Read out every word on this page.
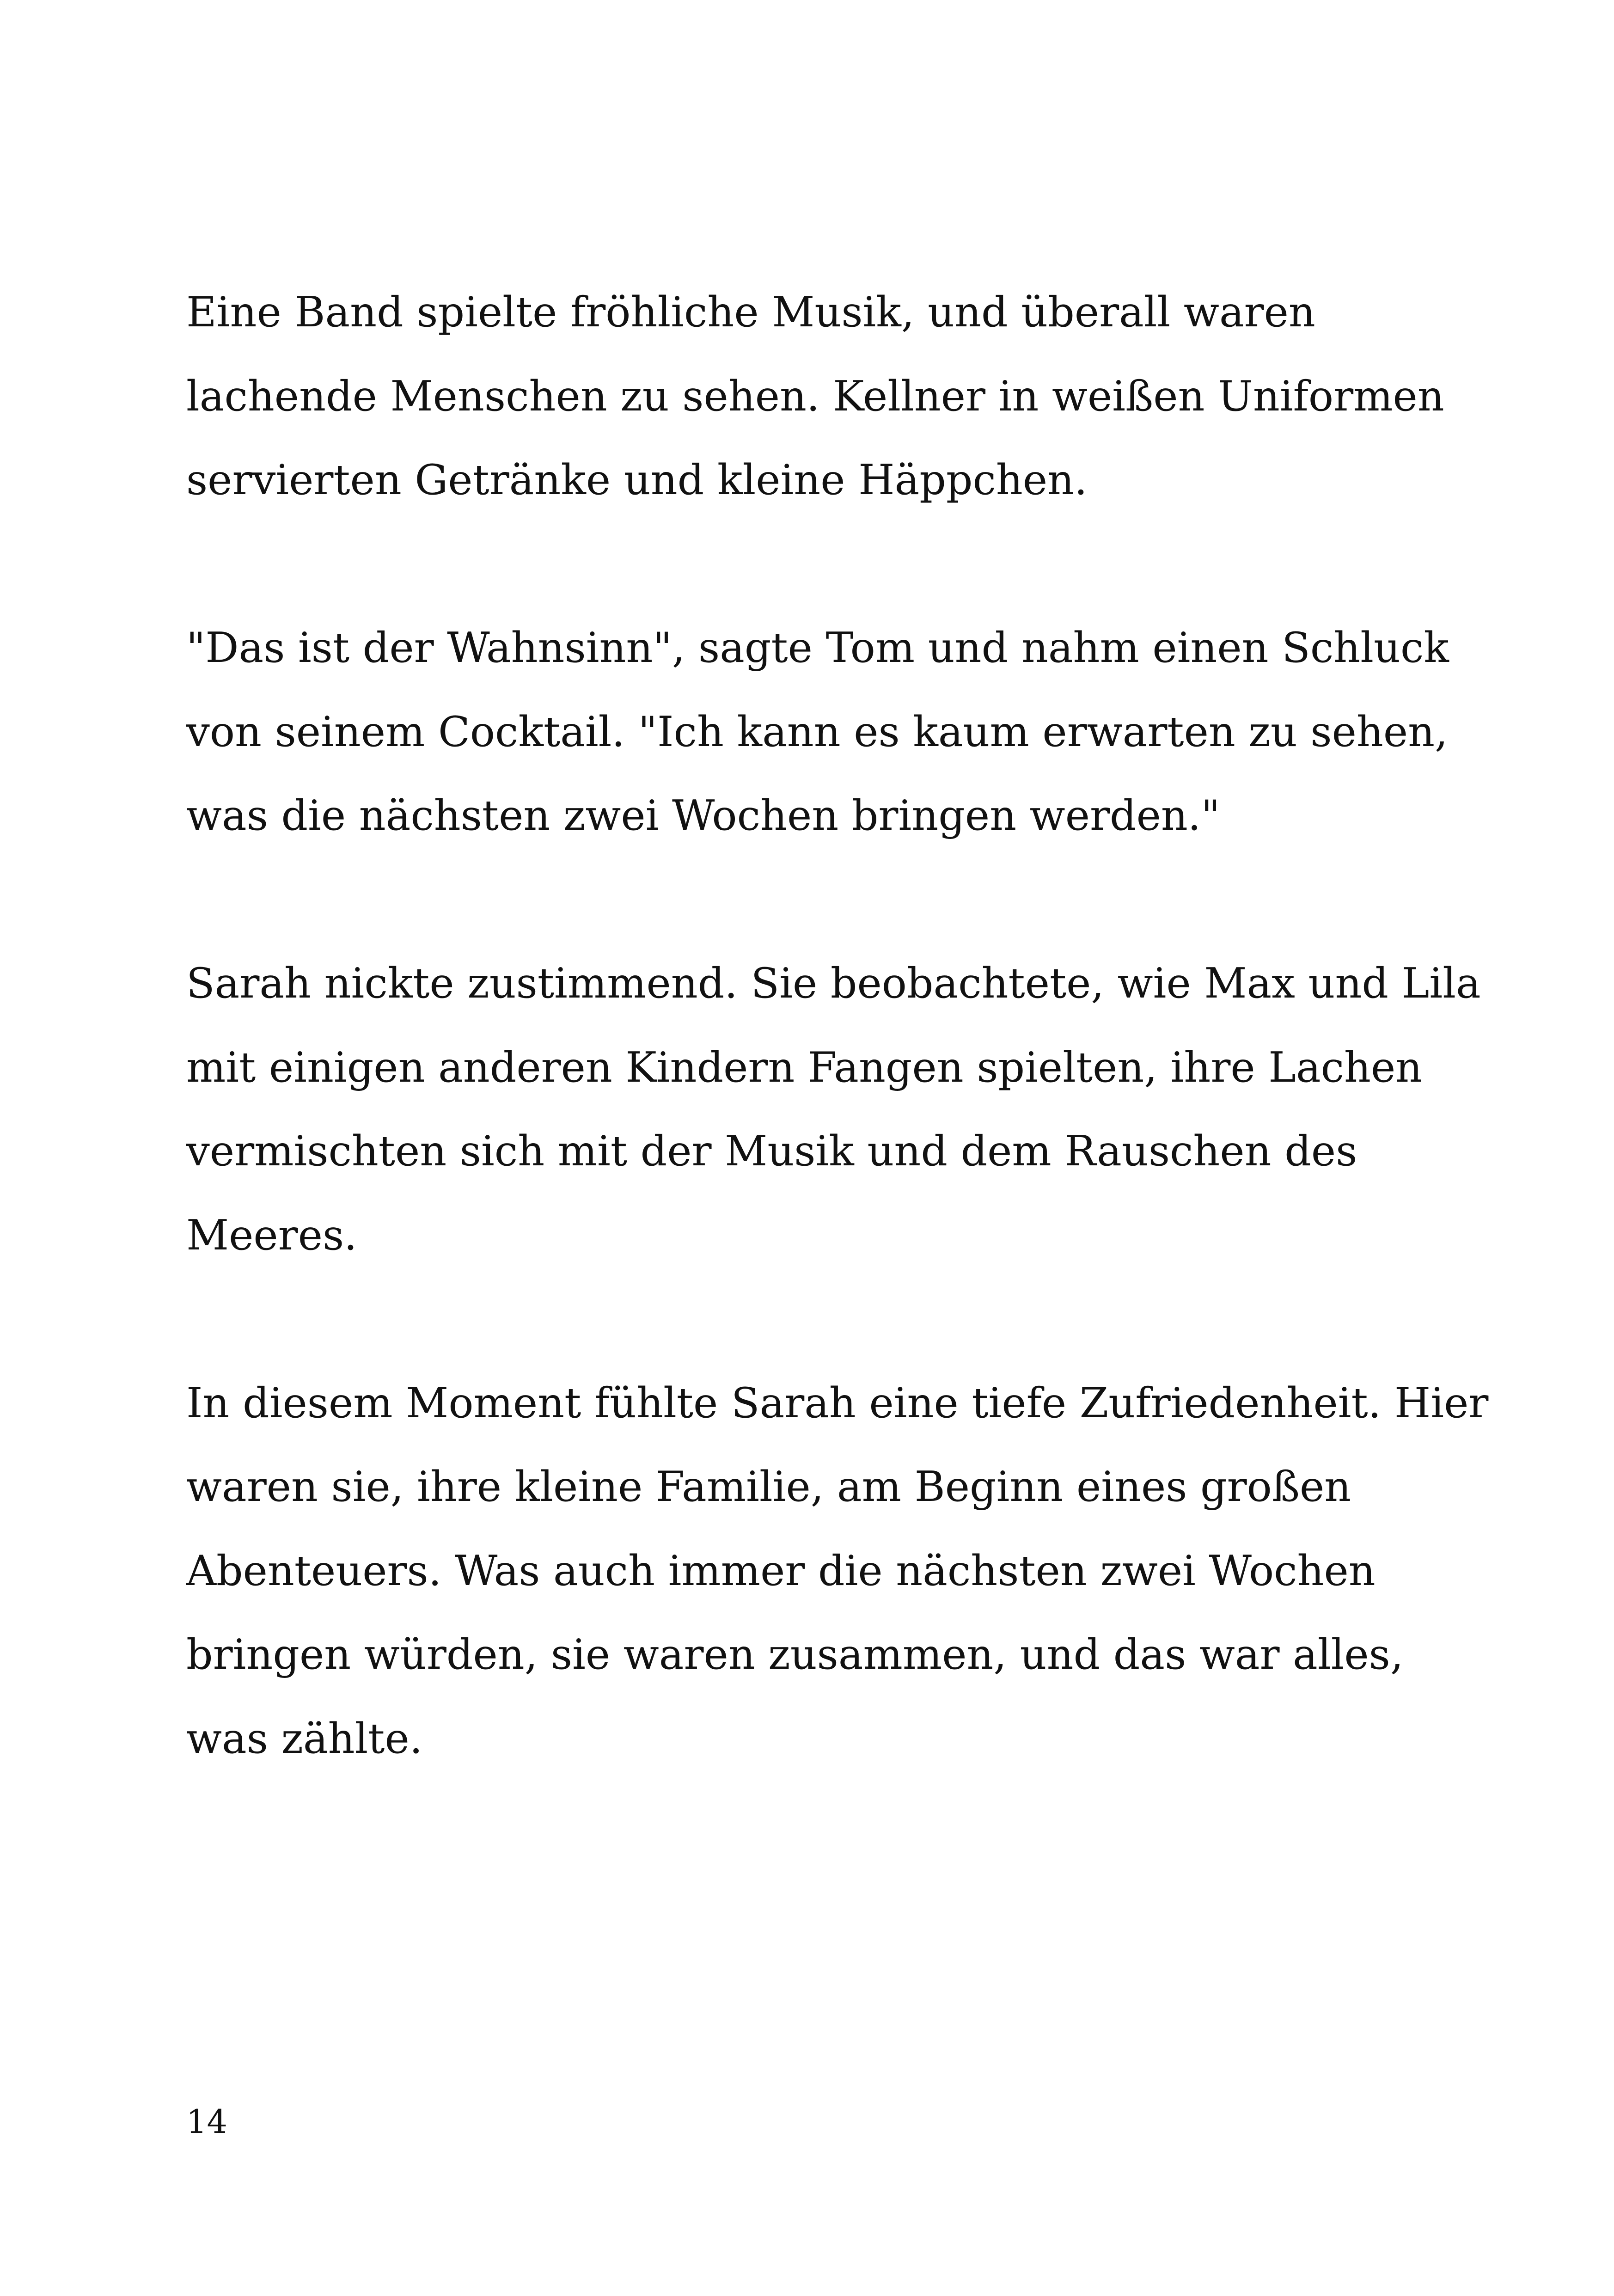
Eine Band spielte fröhliche Musik, und überall waren
lachende Menschen zu sehen. Kellner in weißen Uniformen
servierten Getränke und kleine Häppchen.

"Das ist der Wahnsinn", sagte Tom und nahm einen Schluck
von seinem Cocktail. "Ich kann es kaum erwarten zu sehen,
was die nächsten zwei Wochen bringen werden."

Sarah nickte zustimmend. Sie beobachtete, wie Max und Lila
mit einigen anderen Kindern Fangen spielten, ihre Lachen
vermischten sich mit der Musik und dem Rauschen des
Meeres.

In diesem Moment fühlte Sarah eine tiefe Zufriedenheit. Hier
waren sie, ihre kleine Familie, am Beginn eines großen
Abenteuers. Was auch immer die nächsten zwei Wochen
bringen würden, sie waren zusammen, und das war alles,
was zählte.

14
